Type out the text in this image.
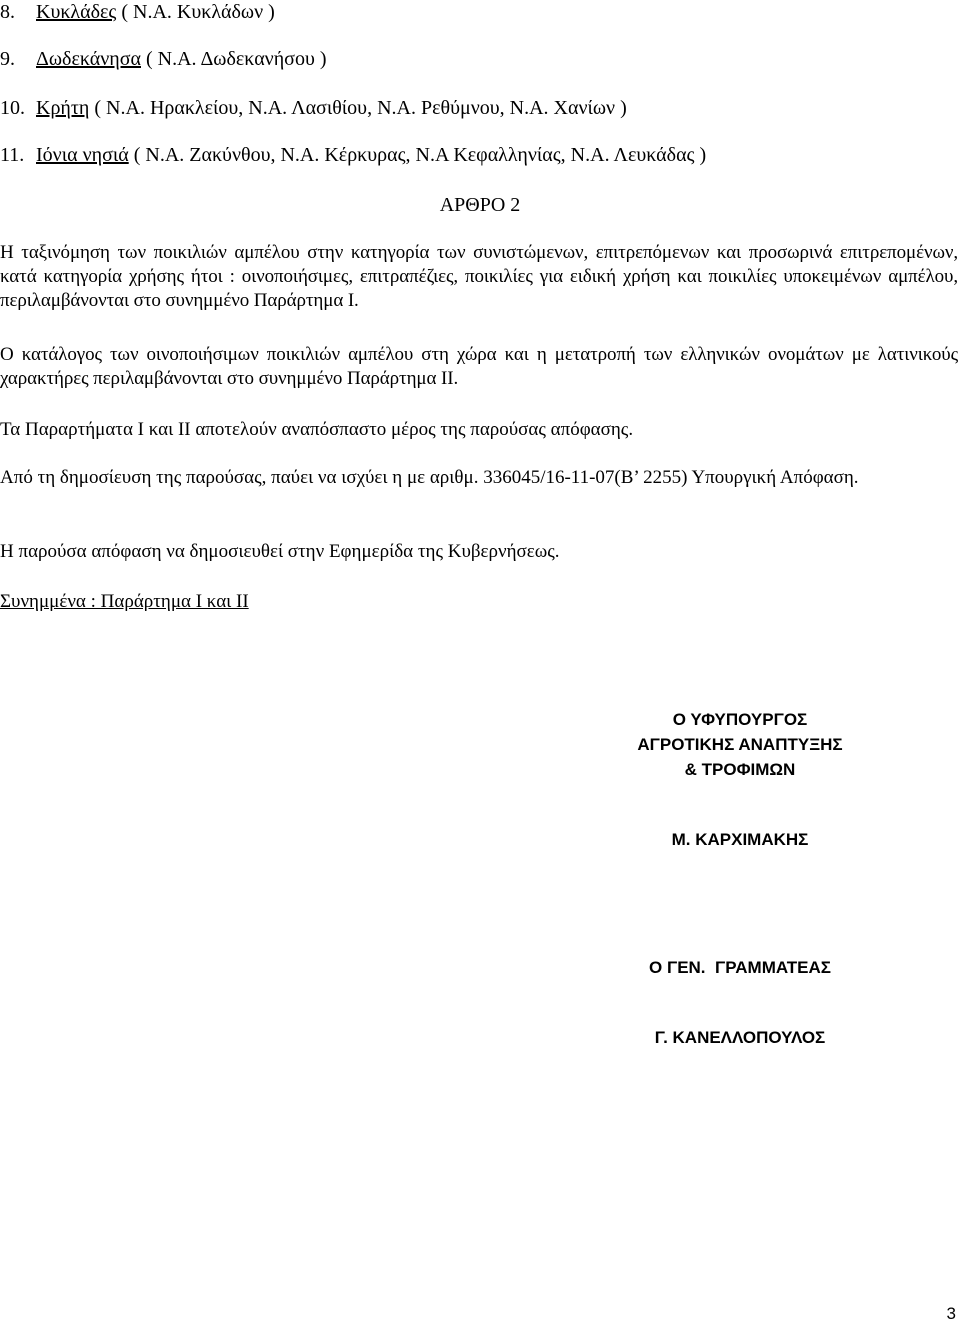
8. Κυκλάδες ( Ν.Α. Κυκλάδων )
9. Δωδεκάνησα ( Ν.Α. Δωδεκανήσου )
10. Κρήτη ( Ν.Α. Ηρακλείου, Ν.Α. Λασιθίου, Ν.Α. Ρεθύμνου, Ν.Α. Χανίων )
11. Ιόνια νησιά ( Ν.Α. Ζακύνθου, Ν.Α. Κέρκυρας, Ν.Α Κεφαλληνίας, Ν.Α. Λευκάδας )
ΑΡΘΡΟ 2
Η ταξινόμηση των ποικιλιών αμπέλου στην κατηγορία των συνιστώμενων, επιτρεπόμενων και προσωρινά επιτρεπομένων, κατά κατηγορία χρήσης ήτοι : οινοποιήσιμες, επιτραπέζιες, ποικιλίες για ειδική χρήση και ποικιλίες υποκειμένων αμπέλου, περιλαμβάνονται στο συνημμένο Παράρτημα Ι.
Ο κατάλογος των οινοποιήσιμων ποικιλιών αμπέλου στη χώρα και η μετατροπή των ελληνικών ονομάτων με λατινικούς χαρακτήρες περιλαμβάνονται στο συνημμένο Παράρτημα ΙΙ.
Τα Παραρτήματα Ι και ΙΙ αποτελούν αναπόσπαστο μέρος της παρούσας απόφασης.
Από τη δημοσίευση της παρούσας, παύει να ισχύει η με αριθμ. 336045/16-11-07(Β’ 2255) Υπουργική Απόφαση.
Η παρούσα απόφαση να δημοσιευθεί στην Εφημερίδα της Κυβερνήσεως.
Συνημμένα : Παράρτημα Ι και ΙΙ
Ο ΥΦΥΠΟΥΡΓΟΣ
ΑΓΡΟΤΙΚΗΣ ΑΝΑΠΤΥΞΗΣ
& ΤΡΟΦΙΜΩΝ
Μ. ΚΑΡΧΙΜΑΚΗΣ
Ο ΓΕΝ.  ΓΡΑΜΜΑΤΕΑΣ
Γ. ΚΑΝΕΛΛΟΠΟΥΛΟΣ
3
